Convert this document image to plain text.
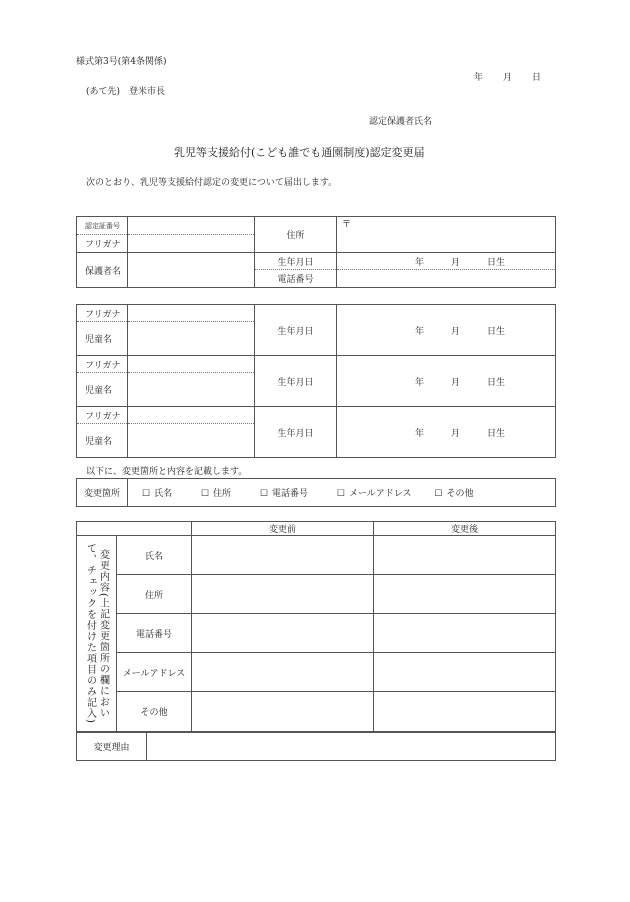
様式第3号(第4条関係)
年 月 日
(あて先)　登米市長
認定保護者氏名
乳児等支援給付(こども誰でも通園制度)認定変更届
次のとおり、乳児等支援給付認定の変更について届出します。
認定証番号		住所	〒
フリガナ			
保護者名		生年月日	年　　　月　　　日生
		電話番号	
フリガナ		生年月日	年　　　月　　　日生
児童名			
フリガナ		生年月日	年　　　月　　　日生
児童名			
フリガナ		生年月日	年　　　月　　　日生
児童名			
以下に、変更箇所と内容を記載します。
変更箇所	☐ 氏名	☐ 住所	☐ 電話番号	☐ メールアドレス	☐ その他
		変更前	変更後

変更内容(上記変更箇所の欄において、チェックを付けた項目のみ記入)	氏名		
	住所		
	電話番号		
	メールアドレス		
	その他		
変更理由	
